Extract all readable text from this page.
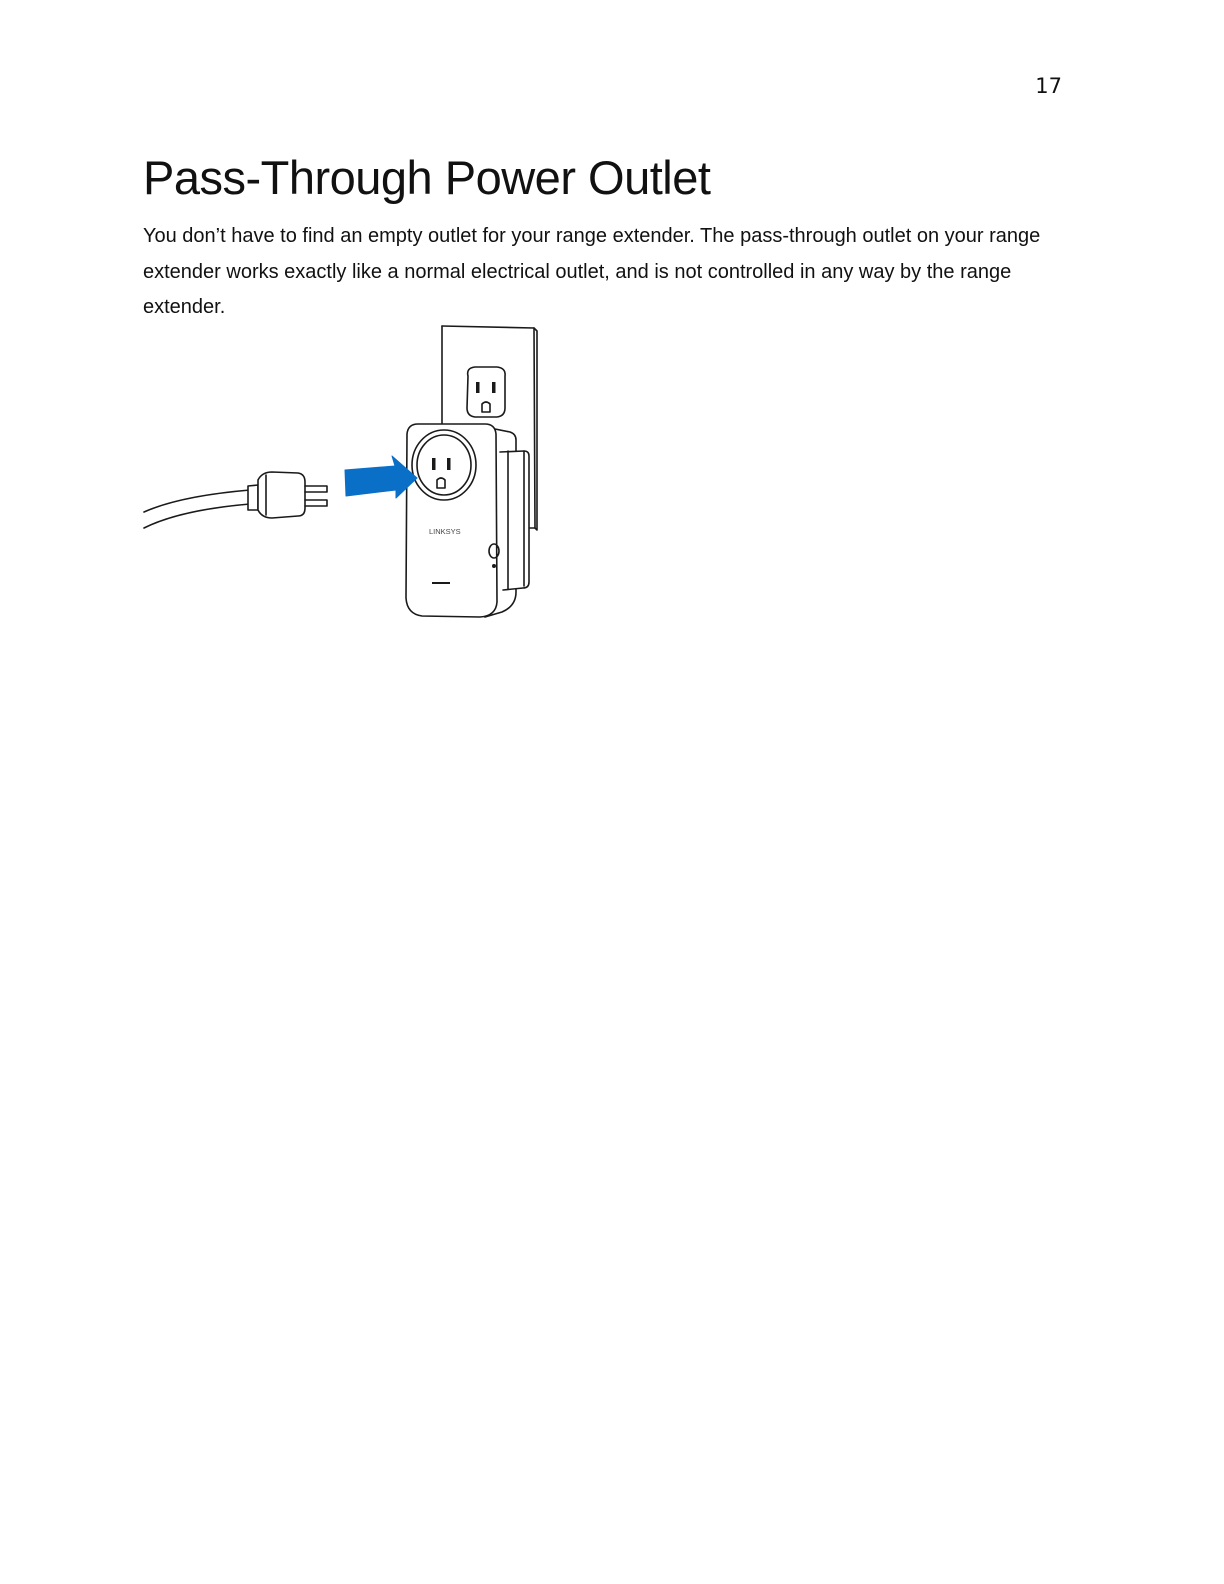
17
Pass-Through Power Outlet

You don’t have to find an empty outlet for your range extender. The pass-through outlet on your range extender works exactly like a normal electrical outlet, and is not controlled in any way by the range extender.

LINKSYS
